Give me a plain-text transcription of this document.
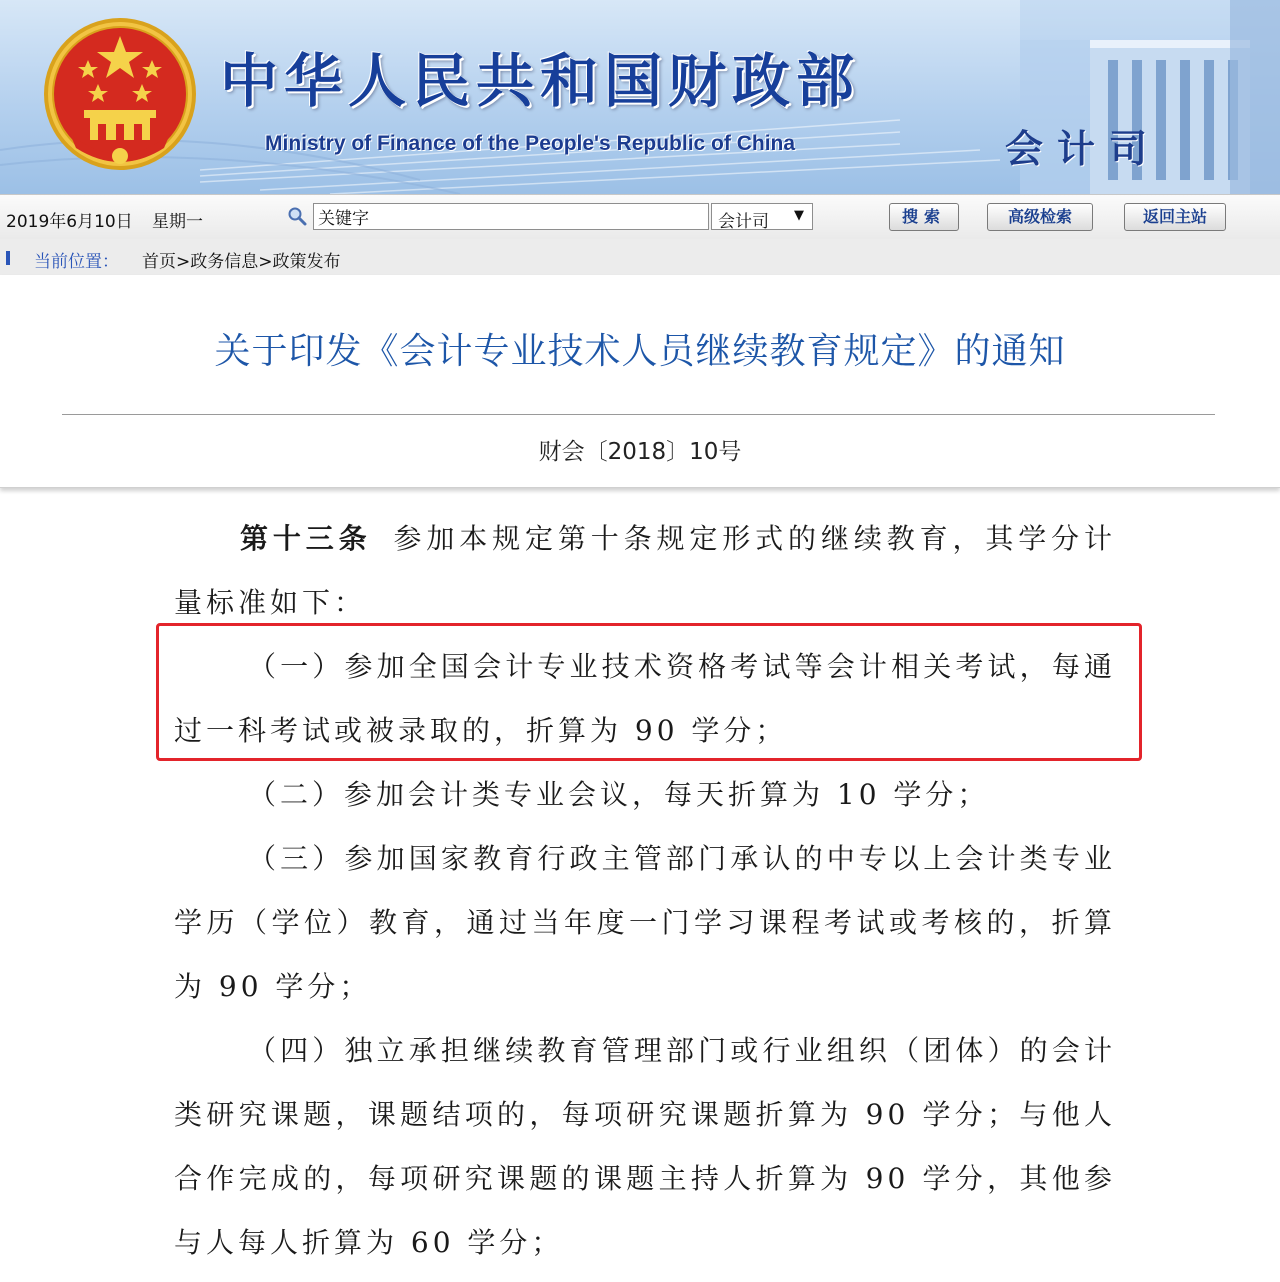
中华人民共和国财政部
Ministry of Finance of the People's Republic of China	会计司
2019年6月10日 星期一
关键字	会计司 ▼	搜索	高级检索	返回主站
当前位置： 首页>政务信息>政策发布
关于印发《会计专业技术人员继续教育规定》的通知
财会〔2018〕10号

第十三条 参加本规定第十条规定形式的继续教育，其学分计

量标准如下：

（一）参加全国会计专业技术资格考试等会计相关考试，每通

过一科考试或被录取的，折算为 90 学分；

（二）参加会计类专业会议，每天折算为 10 学分；

（三）参加国家教育行政主管部门承认的中专以上会计类专业

学历（学位）教育，通过当年度一门学习课程考试或考核的，折算

为 90 学分；

（四）独立承担继续教育管理部门或行业组织（团体）的会计

类研究课题，课题结项的，每项研究课题折算为 90 学分；与他人

合作完成的，每项研究课题的课题主持人折算为 90 学分，其他参

与人每人折算为 60 学分；
